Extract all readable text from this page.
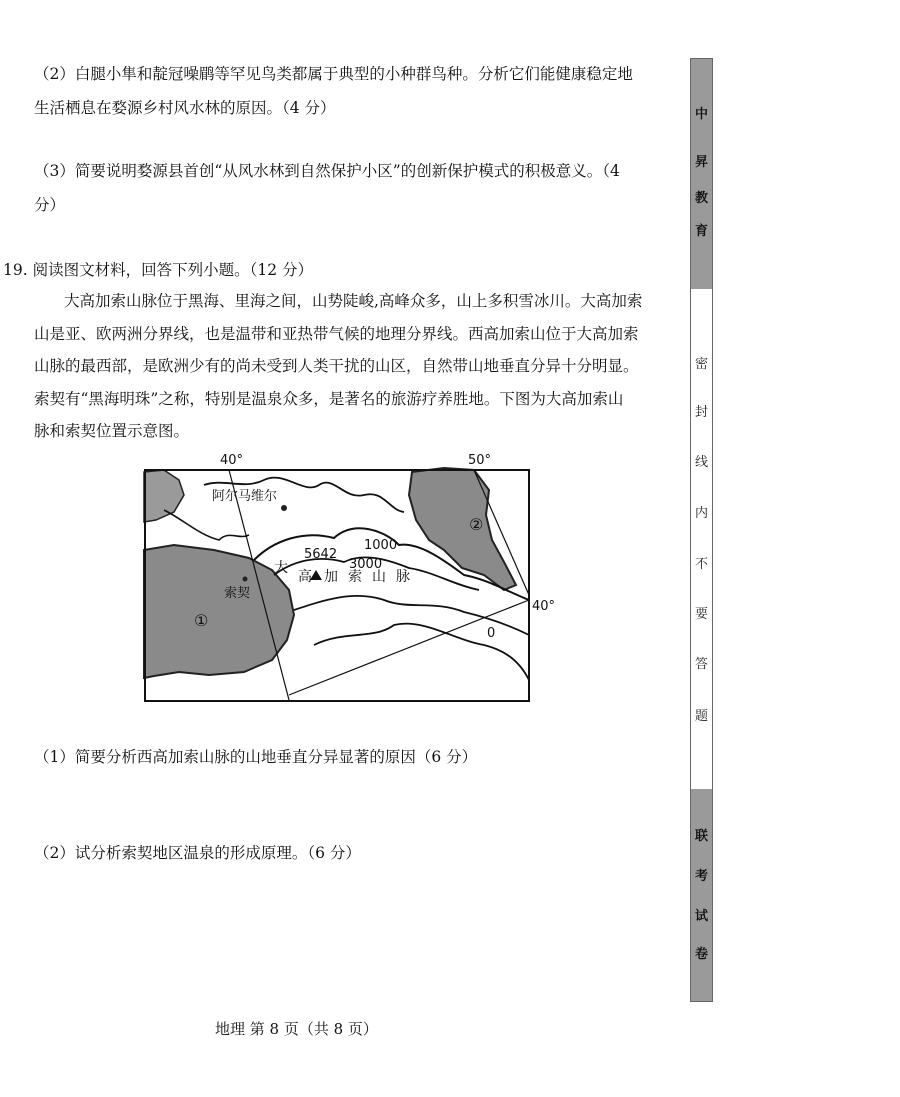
（2）白腿小隼和靛冠噪鹛等罕见鸟类都属于典型的小种群鸟种。分析它们能健康稳定地
生活栖息在婺源乡村风水林的原因。（4 分）
（3）简要说明婺源县首创“从风水林到自然保护小区”的创新保护模式的积极意义。（4
分）
19. 阅读图文材料，回答下列小题。（12 分）
大高加索山脉位于黑海、里海之间，山势陡峻,高峰众多，山上多积雪冰川。大高加索
山是亚、欧两洲分界线，也是温带和亚热带气候的地理分界线。西高加索山位于大高加索
山脉的最西部，是欧洲少有的尚未受到人类干扰的山区，自然带山地垂直分异十分明显。
索契有“黑海明珠”之称，特别是温泉众多，是著名的旅游疗养胜地。下图为大高加索山
脉和索契位置示意图。
40°	50°
40°
阿尔马维尔
索契
5642
1000
3000
0
大
高 加 索 山 脉
①
②
（1）简要分析西高加索山脉的山地垂直分异显著的原因（6 分）
（2）试分析索契地区温泉的形成原理。（6 分）
中
昇
教
育
密
封
线
内
不
要
答
题
联
考
试
卷
地理 第 8 页（共 8 页）
